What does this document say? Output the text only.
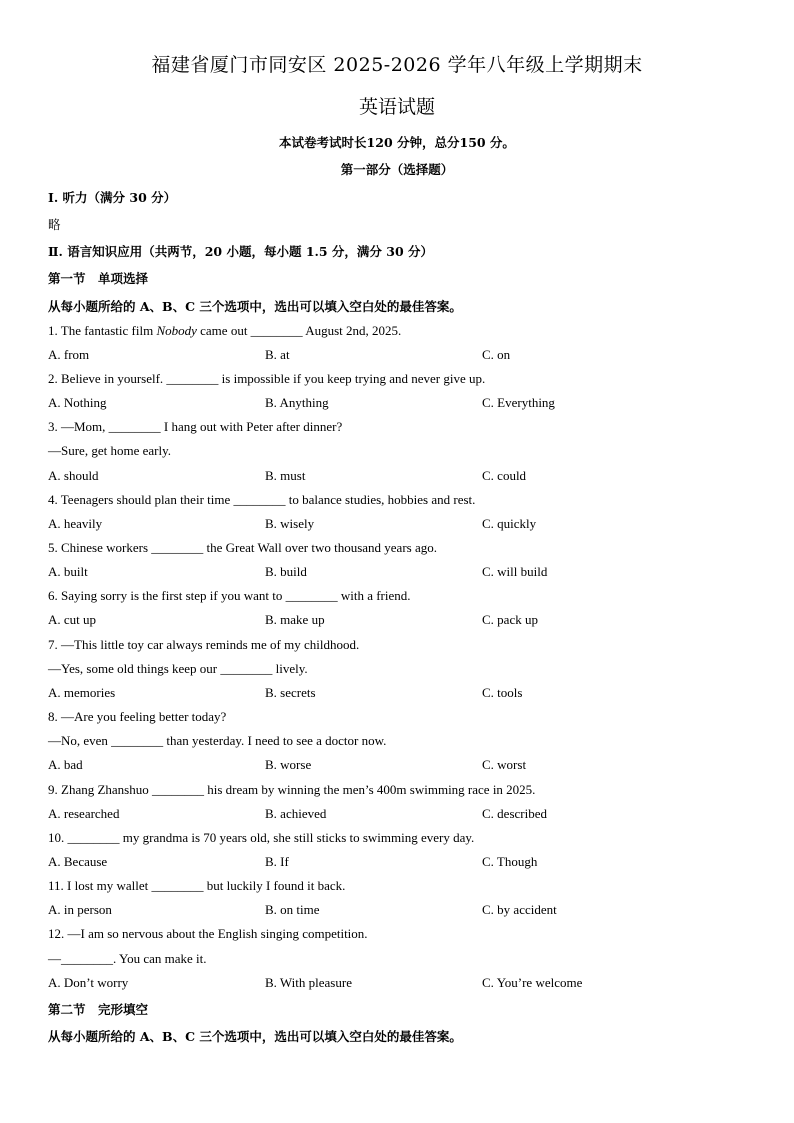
福建省厦门市同安区 2025-2026 学年八年级上学期期末
英语试题
本试卷考试时长120 分钟，总分150 分。
第一部分（选择题）
I. 听力（满分 30 分）
略
Ⅱ. 语言知识应用（共两节，20 小题，每小题 1.5 分，满分 30 分）
第一节　单项选择
从每小题所给的 A、B、C 三个选项中，选出可以填入空白处的最佳答案。
1. The fantastic film Nobody came out ________ August 2nd, 2025.
A. from	B. at	C. on
2. Believe in yourself. ________ is impossible if you keep trying and never give up.
A. Nothing	B. Anything	C. Everything
3. —Mom, ________ I hang out with Peter after dinner?
—Sure, get home early.
A. should	B. must	C. could
4. Teenagers should plan their time ________ to balance studies, hobbies and rest.
A. heavily	B. wisely	C. quickly
5. Chinese workers ________ the Great Wall over two thousand years ago.
A. built	B. build	C. will build
6. Saying sorry is the first step if you want to ________ with a friend.
A. cut up	B. make up	C. pack up
7. —This little toy car always reminds me of my childhood.
—Yes, some old things keep our ________ lively.
A. memories	B. secrets	C. tools
8. —Are you feeling better today?
—No, even ________ than yesterday. I need to see a doctor now.
A. bad	B. worse	C. worst
9. Zhang Zhanshuo ________ his dream by winning the men’s 400m swimming race in 2025.
A. researched	B. achieved	C. described
10. ________ my grandma is 70 years old, she still sticks to swimming every day.
A. Because	B. If	C. Though
11. I lost my wallet ________ but luckily I found it back.
A. in person	B. on time	C. by accident
12. —I am so nervous about the English singing competition.
—________. You can make it.
A. Don’t worry	B. With pleasure	C. You’re welcome
第二节　完形填空
从每小题所给的 A、B、C 三个选项中，选出可以填入空白处的最佳答案。
